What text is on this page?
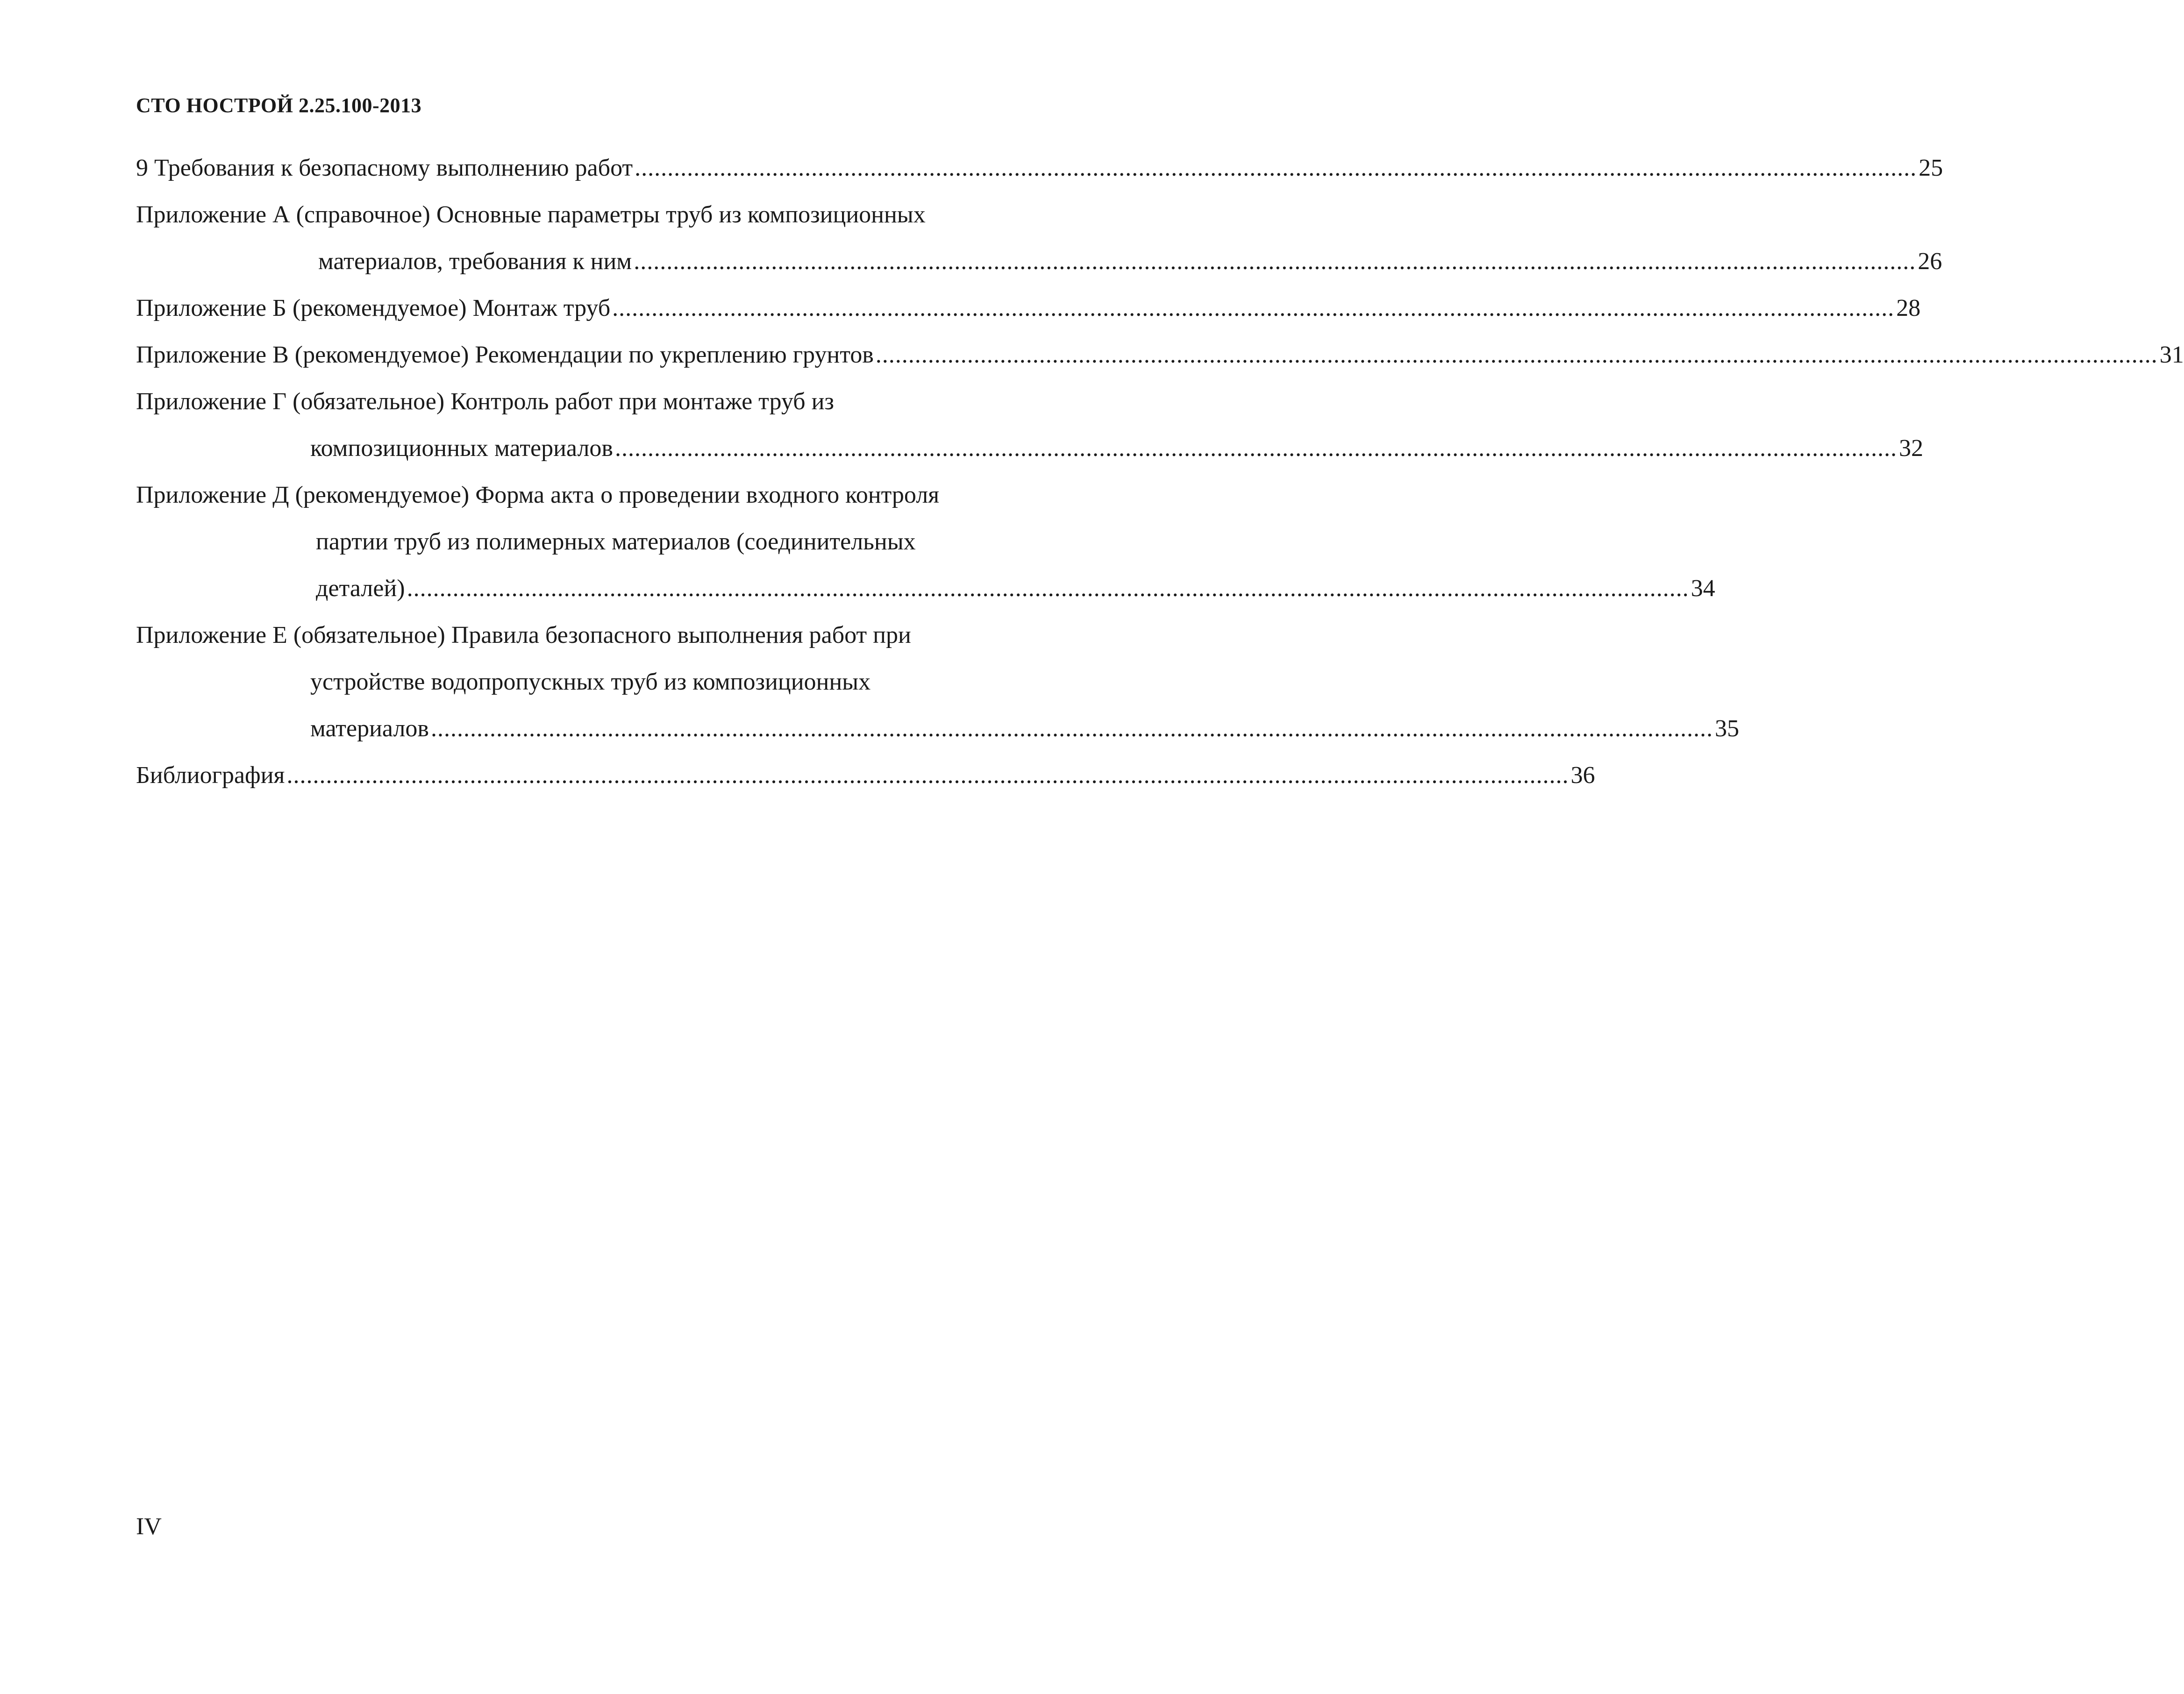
СТО НОСТРОЙ 2.25.100-2013
9 Требования к безопасному выполнению работ .................................................................................................................................................................................................... 25
Приложение А (справочное) Основные параметры труб из композиционных
материалов, требования к ним .................................................................................................................................................................................................... 26
Приложение Б (рекомендуемое) Монтаж труб .................................................................................................................................................................................................... 28
Приложение В (рекомендуемое) Рекомендации по укреплению грунтов .................................................................................................................................................................................................... 31
Приложение Г (обязательное) Контроль работ при монтаже труб из
композиционных материалов .................................................................................................................................................................................................... 32
Приложение Д (рекомендуемое) Форма акта о проведении входного контроля
партии труб из полимерных материалов (соединительных
деталей) .................................................................................................................................................................................................... 34
Приложение Е (обязательное) Правила безопасного выполнения работ при
устройстве водопропускных труб из композиционных
материалов .................................................................................................................................................................................................... 35
Библиография .................................................................................................................................................................................................... 36
IV
